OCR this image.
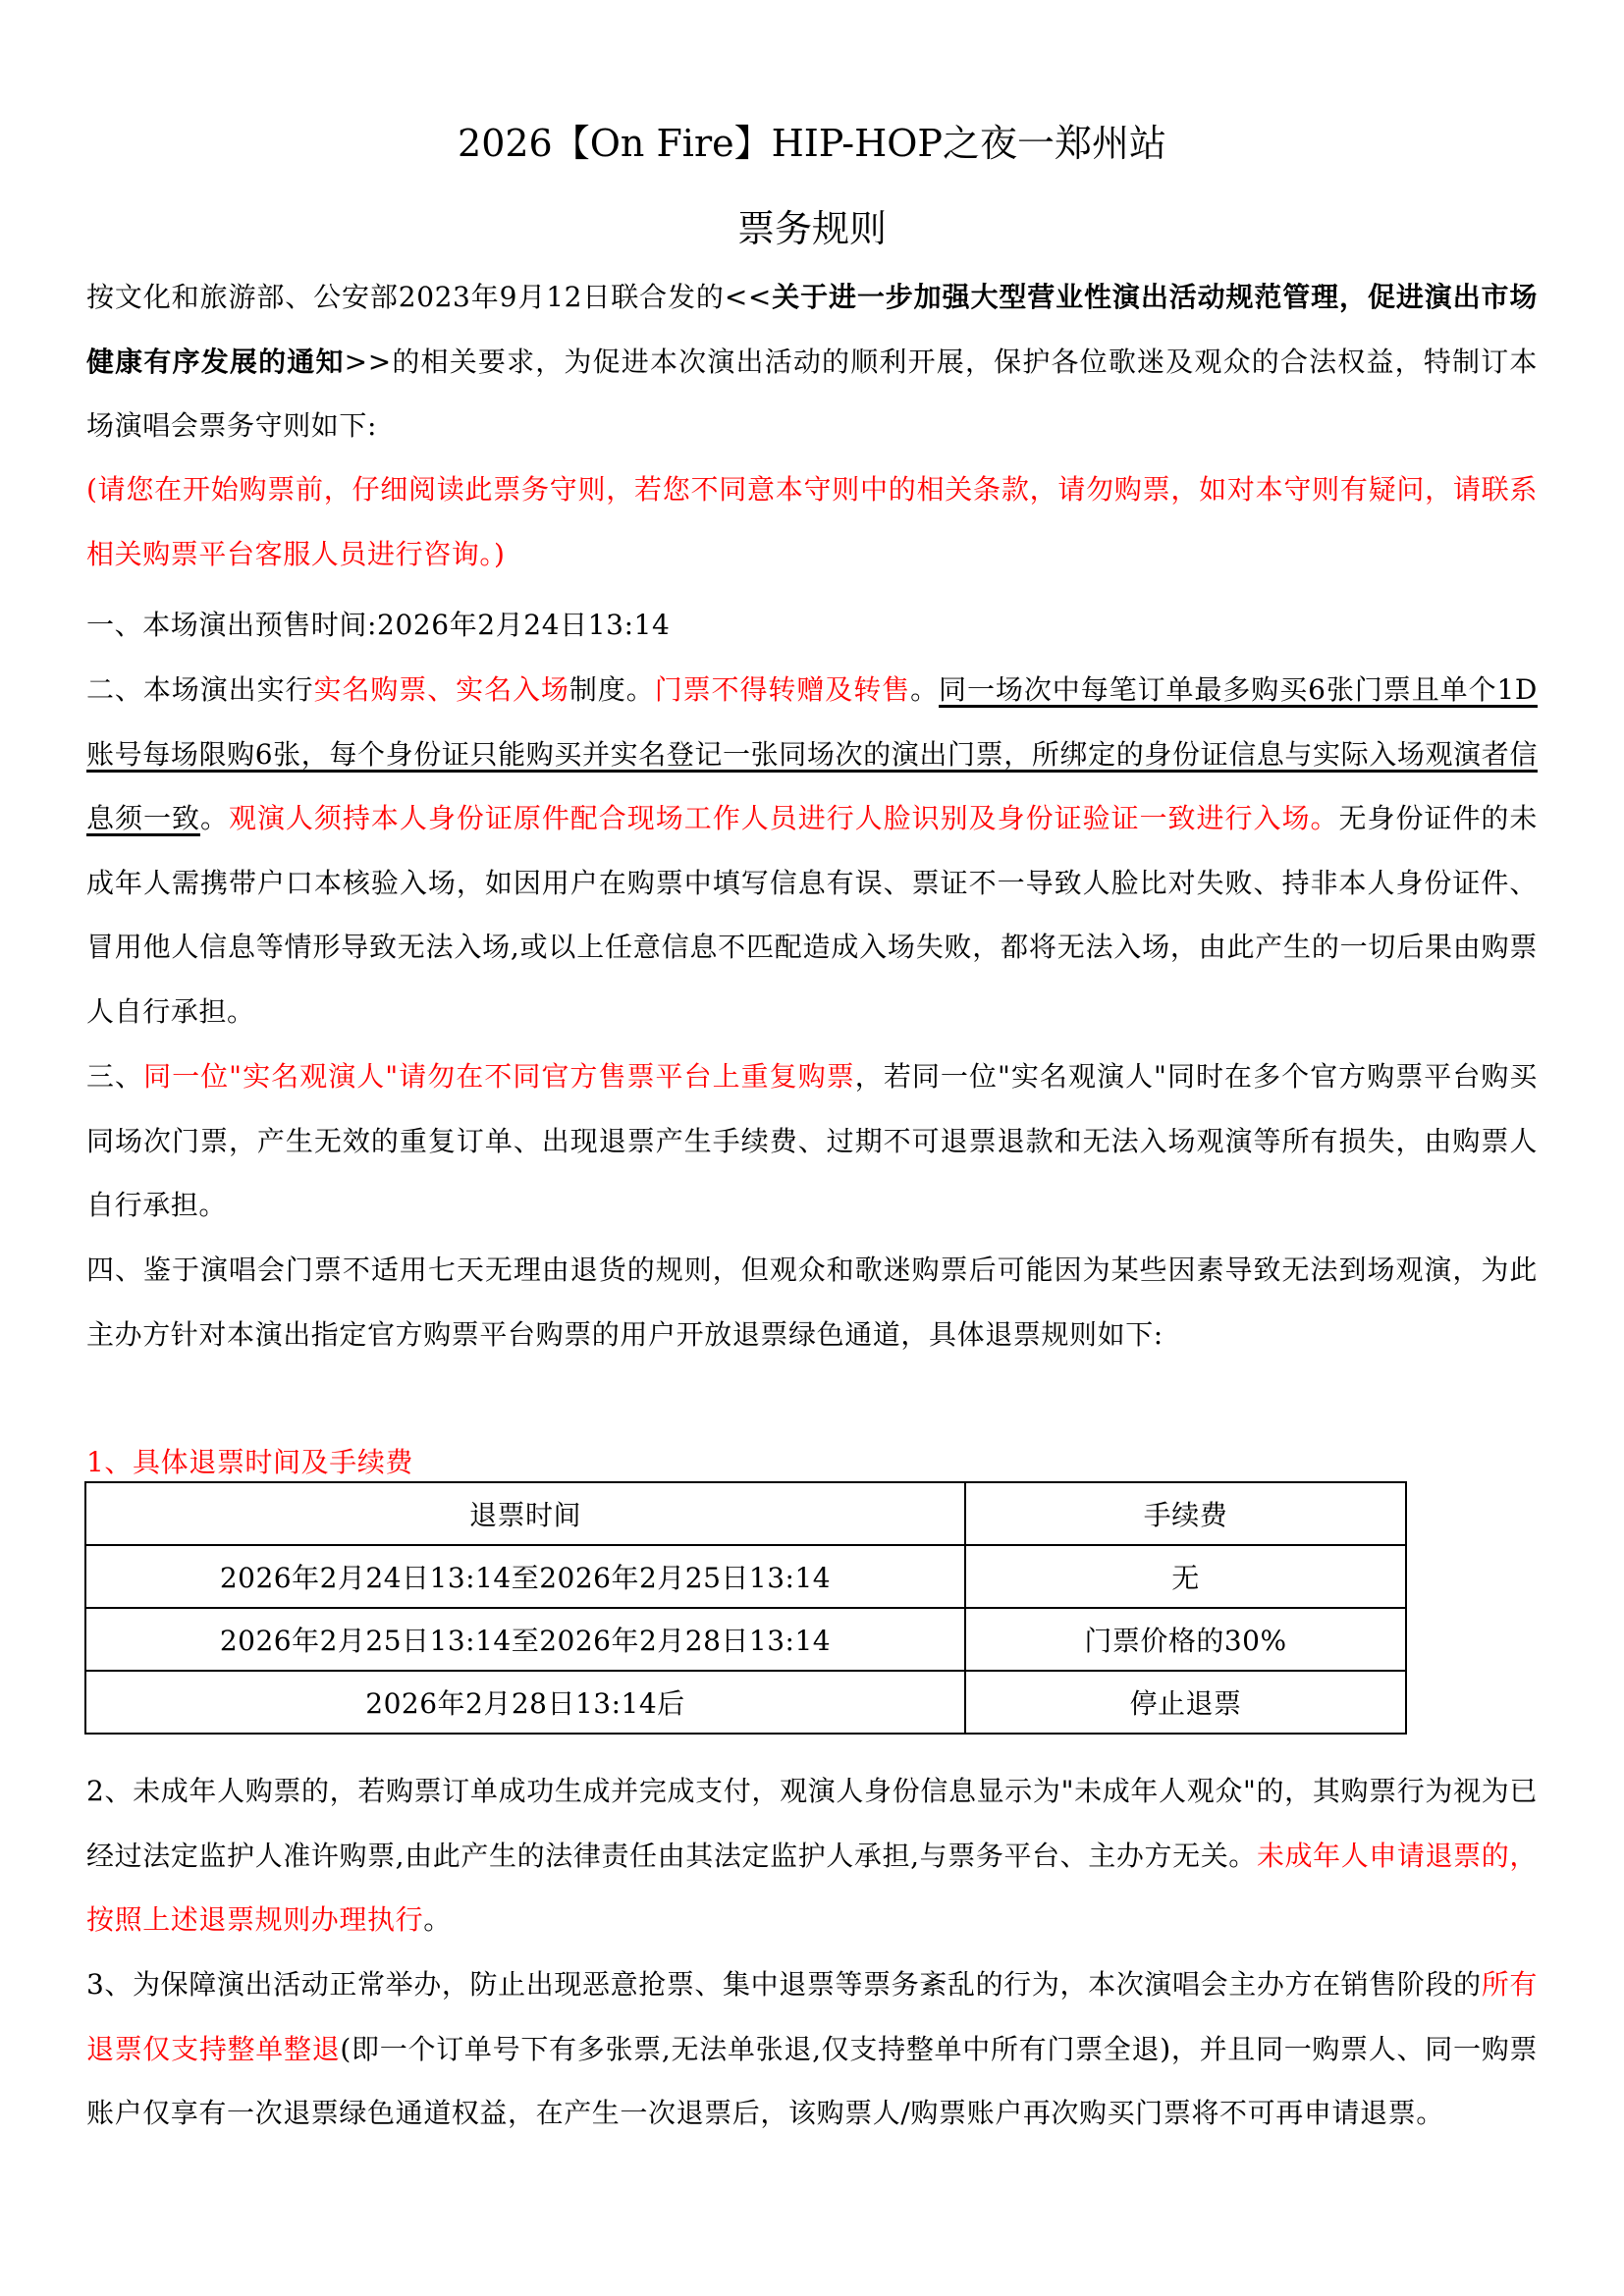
2026【On Fire】HIP-HOP之夜一郑州站
票务规则
按文化和旅游部、公安部2023年9月12日联合发的<<关于进一步加强大型营业性演出活动规范管理，促进演出市场健康有序发展的通知>>的相关要求，为促进本次演出活动的顺利开展，保护各位歌迷及观众的合法权益，特制订本场演唱会票务守则如下:
(请您在开始购票前，仔细阅读此票务守则，若您不同意本守则中的相关条款，请勿购票，如对本守则有疑问，请联系相关购票平台客服人员进行咨询。)
一、本场演出预售时间:2026年2月24日13:14
二、本场演出实行实名购票、实名入场制度。门票不得转赠及转售。同一场次中每笔订单最多购买6张门票且单个1D账号每场限购6张，每个身份证只能购买并实名登记一张同场次的演出门票，所绑定的身份证信息与实际入场观演者信息须一致。观演人须持本人身份证原件配合现场工作人员进行人脸识别及身份证验证一致进行入场。无身份证件的未成年人需携带户口本核验入场，如因用户在购票中填写信息有误、票证不一导致人脸比对失败、持非本人身份证件、冒用他人信息等情形导致无法入场,或以上任意信息不匹配造成入场失败，都将无法入场，由此产生的一切后果由购票人自行承担。
三、同一位"实名观演人"请勿在不同官方售票平台上重复购票，若同一位"实名观演人"同时在多个官方购票平台购买同场次门票，产生无效的重复订单、出现退票产生手续费、过期不可退票退款和无法入场观演等所有损失，由购票人自行承担。
四、鉴于演唱会门票不适用七天无理由退货的规则，但观众和歌迷购票后可能因为某些因素导致无法到场观演，为此主办方针对本演出指定官方购票平台购票的用户开放退票绿色通道，具体退票规则如下:
1、具体退票时间及手续费
退票时间	手续费
2026年2月24日13:14至2026年2月25日13:14	无
2026年2月25日13:14至2026年2月28日13:14	门票价格的30%
2026年2月28日13:14后	停止退票
2、未成年人购票的，若购票订单成功生成并完成支付，观演人身份信息显示为"未成年人观众"的，其购票行为视为已经过法定监护人准许购票,由此产生的法律责任由其法定监护人承担,与票务平台、主办方无关。未成年人申请退票的，按照上述退票规则办理执行。
3、为保障演出活动正常举办，防止出现恶意抢票、集中退票等票务紊乱的行为，本次演唱会主办方在销售阶段的所有退票仅支持整单整退(即一个订单号下有多张票,无法单张退,仅支持整单中所有门票全退)，并且同一购票人、同一购票账户仅享有一次退票绿色通道权益，在产生一次退票后，该购票人/购票账户再次购买门票将不可再申请退票。
